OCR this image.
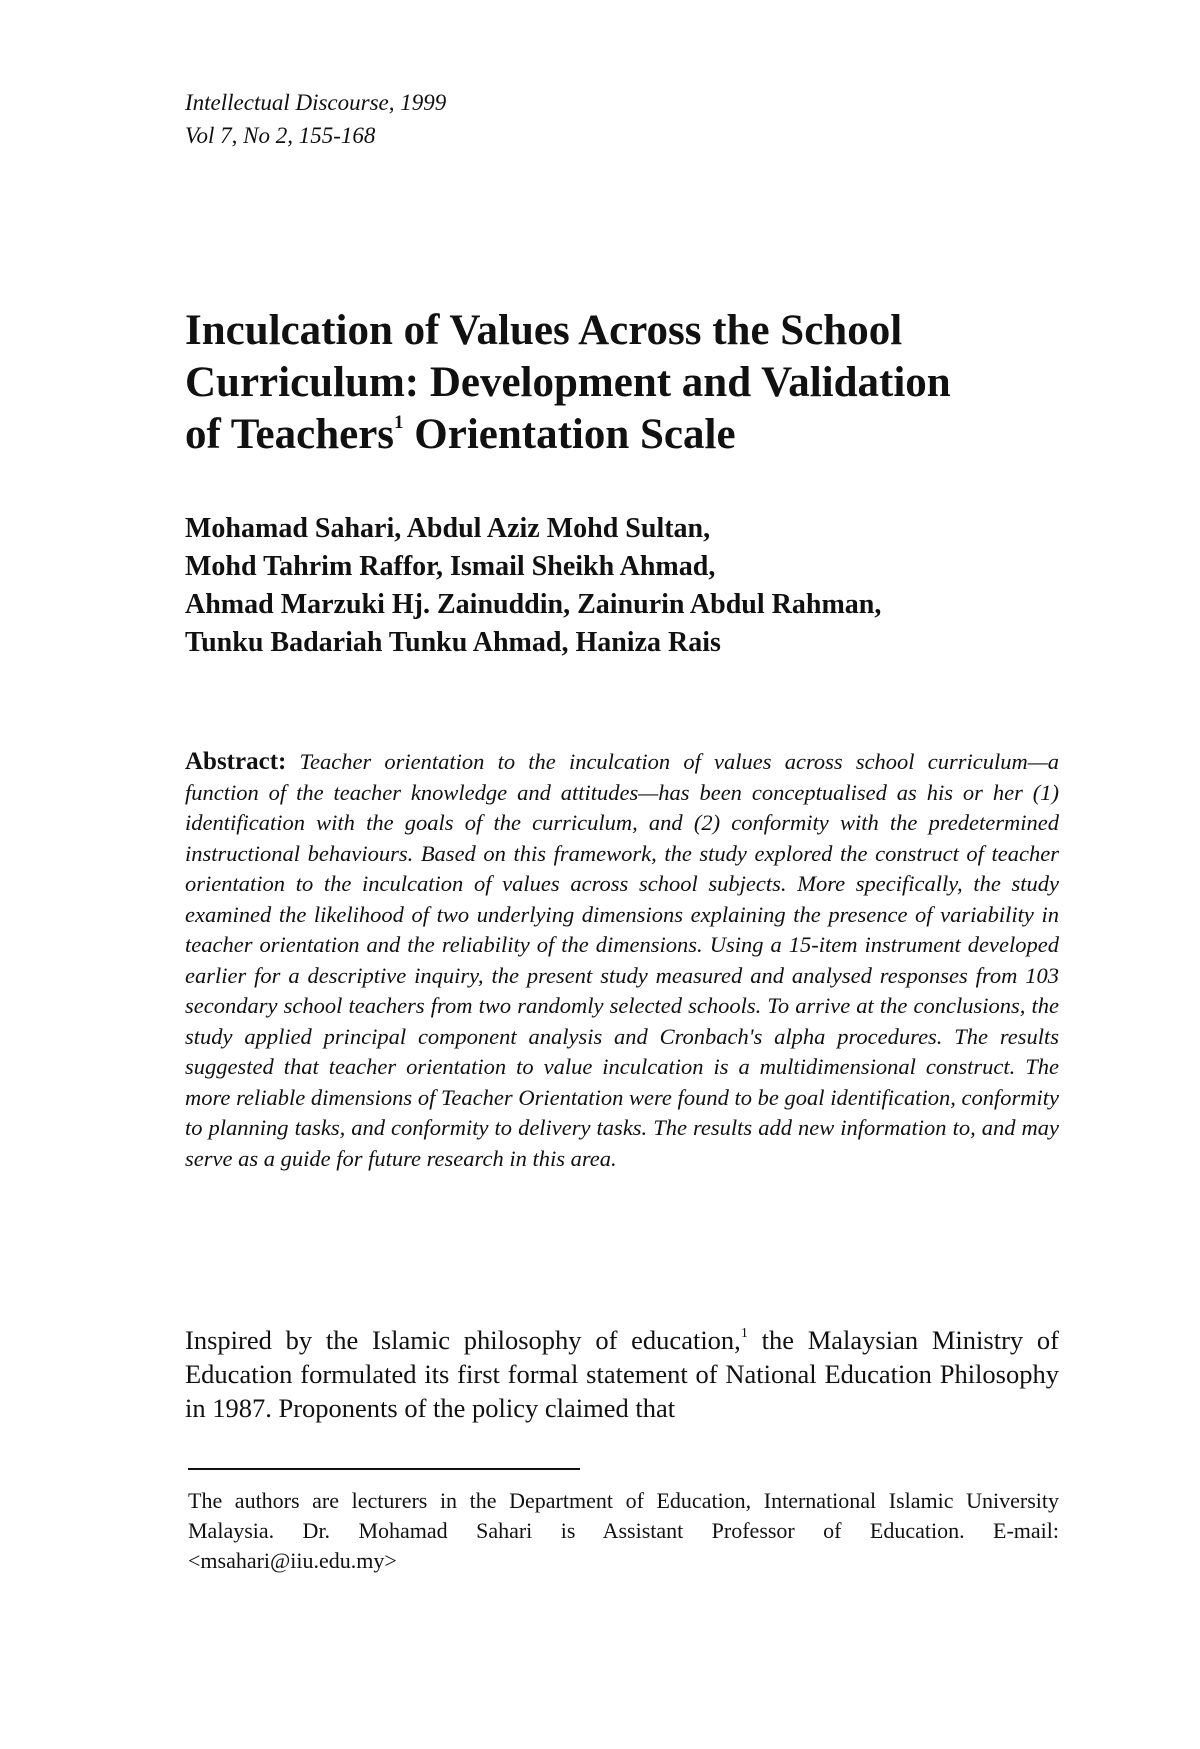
Intellectual Discourse, 1999
Vol 7, No 2, 155-168
Inculcation of Values Across the School
Curriculum: Development and Validation
of Teachers$^1$ Orientation Scale
Mohamad Sahari, Abdul Aziz Mohd Sultan,
Mohd Tahrim Raffor, Ismail Sheikh Ahmad,
Ahmad Marzuki Hj. Zainuddin, Zainurin Abdul Rahman,
Tunku Badariah Tunku Ahmad, Haniza Rais
Abstract: Teacher orientation to the inculcation of values across school curriculum—a function of the teacher knowledge and attitudes—has been conceptualised as his or her (1) identification with the goals of the curriculum, and (2) conformity with the predetermined instructional behaviours. Based on this framework, the study explored the construct of teacher orientation to the inculcation of values across school subjects. More specifically, the study examined the likelihood of two underlying dimensions explaining the presence of variability in teacher orientation and the reliability of the dimensions. Using a 15-item instrument developed earlier for a descriptive inquiry, the present study measured and analysed responses from 103 secondary school teachers from two randomly selected schools. To arrive at the conclusions, the study applied principal component analysis and Cronbach's alpha procedures. The results suggested that teacher orientation to value inculcation is a multidimensional construct. The more reliable dimensions of Teacher Orientation were found to be goal identification, conformity to planning tasks, and conformity to delivery tasks. The results add new information to, and may serve as a guide for future research in this area.
Inspired by the Islamic philosophy of education,$^1$ the Malaysian Ministry of Education formulated its first formal statement of National Education Philosophy in 1987. Proponents of the policy claimed that
The authors are lecturers in the Department of Education, International Islamic University Malaysia. Dr. Mohamad Sahari is Assistant Professor of Education. E-mail: <msahari@iiu.edu.my>
